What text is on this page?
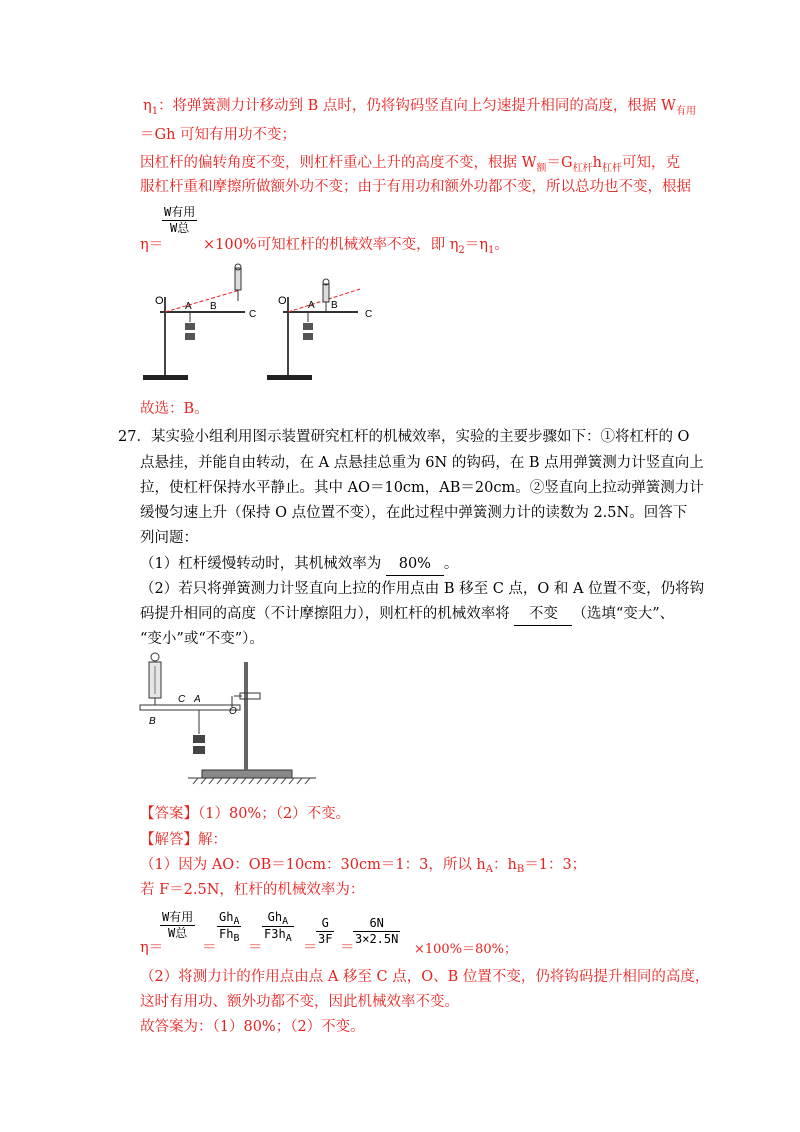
$\eta_1$：将弹簧测力计移动到 B 点时，仍将钩码竖直向上匀速提升相同的高度，根据 $W_{有用}$
＝Gh 可知有用功不变；
因杠杆的偏转角度不变，则杠杆重心上升的高度不变，根据 $W_额=G_{杠杆}h_{杠杆}$可知，克
服杠杆重和摩擦所做额外功不变；由于有用功和额外功都不变，所以总功也不变，根据
$\frac{\text{W有用}}{\text{W总}}$
η＝	×100%可知杠杆的机械效率不变，即 $\eta_2=\eta_1$。
O A B
C
O A B
C
故选：B。
27．某实验小组利用图示装置研究杠杆的机械效率，实验的主要步骤如下：①将杠杆的 O
点悬挂，并能自由转动，在 A 点悬挂总重为 6N 的钩码，在 B 点用弹簧测力计竖直向上
拉，使杠杆保持水平静止。其中 AO＝10cm，AB＝20cm。②竖直向上拉动弹簧测力计
缓慢匀速上升（保持 O 点位置不变），在此过程中弹簧测力计的读数为 2.5N。回答下
列问题：
（1）杠杆缓慢转动时，其机械效率为 80% 。
（2）若只将弹簧测力计竖直向上拉的作用点由 B 移至 C 点，O 和 A 位置不变，仍将钩
码提升相同的高度（不计摩擦阻力），则杠杆的机械效率将 不变 （选填“变大”、
“变小”或“不变”）。
C A
O
B
【答案】（1）80%；（2）不变。
【解答】解：
（1）因为 AO：OB＝10cm：30cm＝1：3，所以 $h_A$：$h_B=1$：3；
若 F＝2.5N，杠杆的机械效率为：
η＝
W有用
W总
＝
$Gh_A$
$Fh_B$
＝
$Gh_A$
$F3h_A$
＝
$\frac{G}{3F}$
＝
$\frac{6N}{3\times 2.5N}$
×100%＝80%；
（2）将测力计的作用点由点 A 移至 C 点，O、B 位置不变，仍将钩码提升相同的高度，
这时有用功、额外功都不变，因此机械效率不变。
故答案为：（1）80%；（2）不变。
